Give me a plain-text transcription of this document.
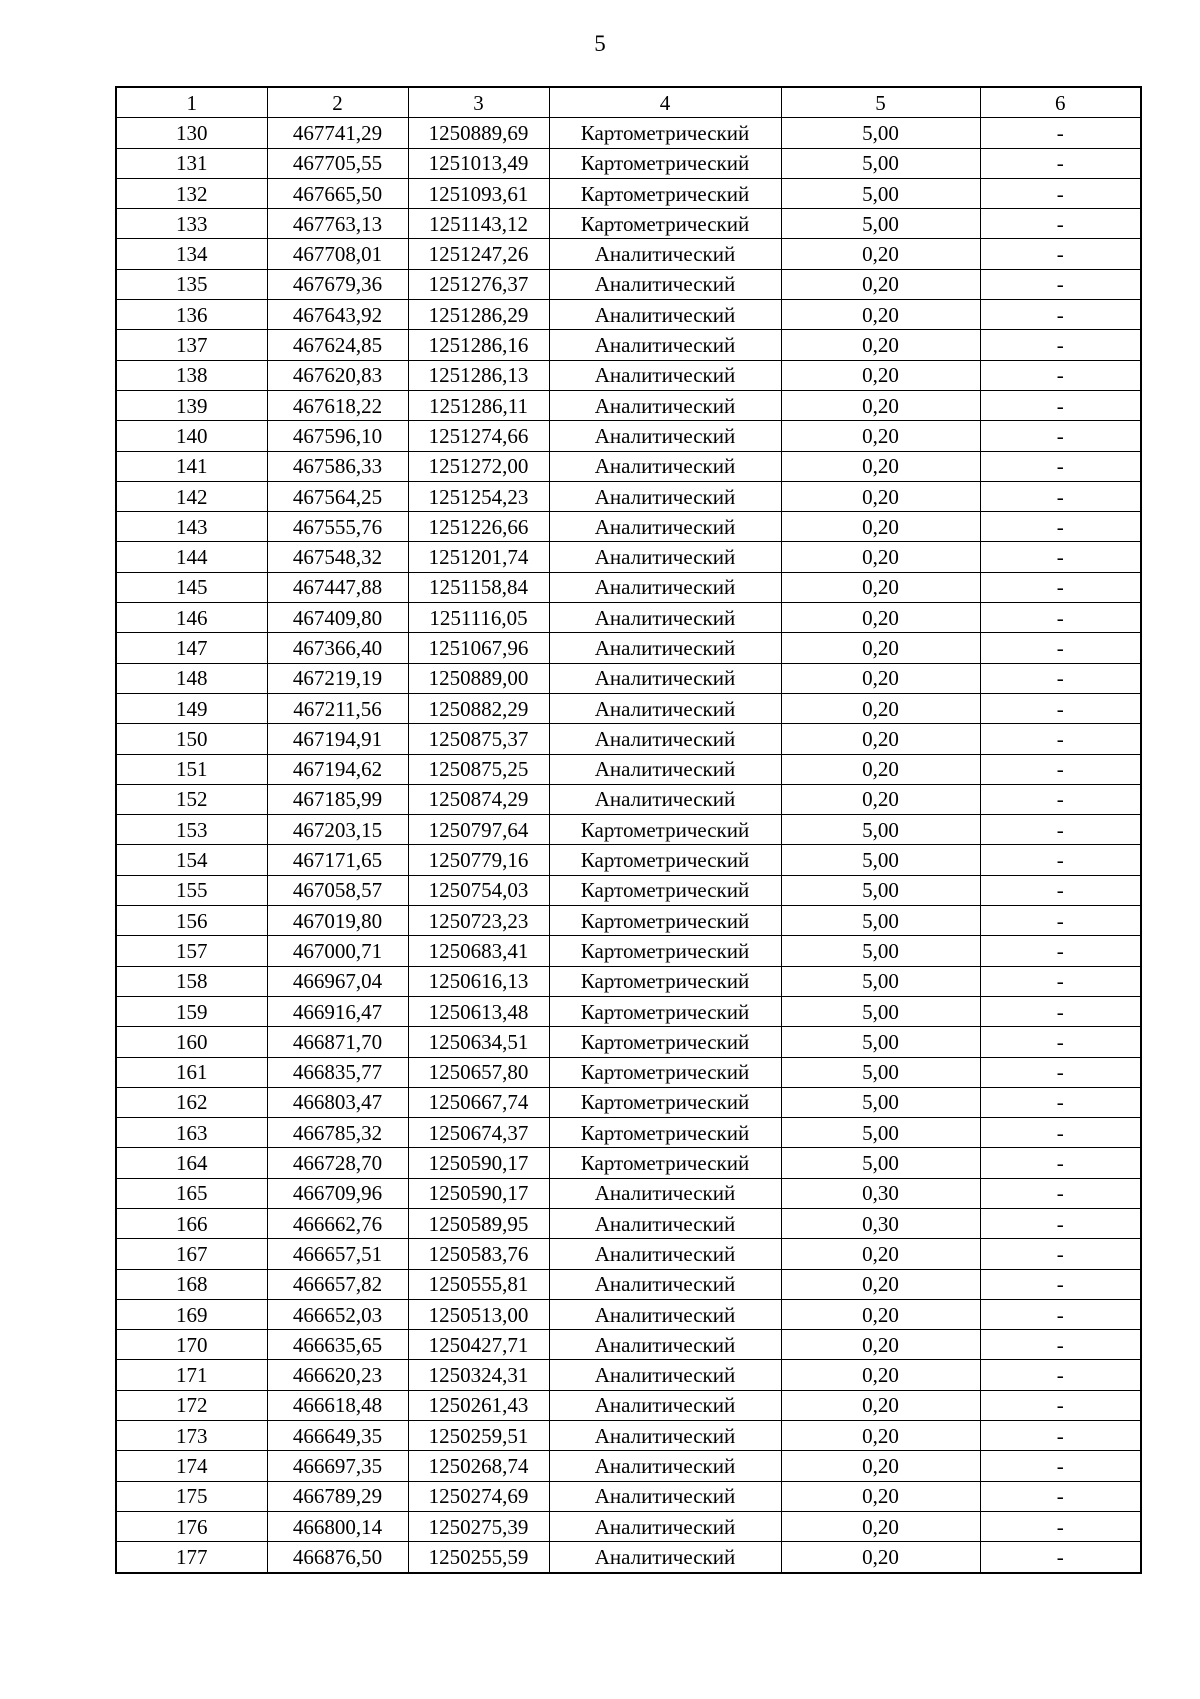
5
1	2	3	4	5	6
130	467741,29	1250889,69	Картометрический	5,00	-
131	467705,55	1251013,49	Картометрический	5,00	-
132	467665,50	1251093,61	Картометрический	5,00	-
133	467763,13	1251143,12	Картометрический	5,00	-
134	467708,01	1251247,26	Аналитический	0,20	-
135	467679,36	1251276,37	Аналитический	0,20	-
136	467643,92	1251286,29	Аналитический	0,20	-
137	467624,85	1251286,16	Аналитический	0,20	-
138	467620,83	1251286,13	Аналитический	0,20	-
139	467618,22	1251286,11	Аналитический	0,20	-
140	467596,10	1251274,66	Аналитический	0,20	-
141	467586,33	1251272,00	Аналитический	0,20	-
142	467564,25	1251254,23	Аналитический	0,20	-
143	467555,76	1251226,66	Аналитический	0,20	-
144	467548,32	1251201,74	Аналитический	0,20	-
145	467447,88	1251158,84	Аналитический	0,20	-
146	467409,80	1251116,05	Аналитический	0,20	-
147	467366,40	1251067,96	Аналитический	0,20	-
148	467219,19	1250889,00	Аналитический	0,20	-
149	467211,56	1250882,29	Аналитический	0,20	-
150	467194,91	1250875,37	Аналитический	0,20	-
151	467194,62	1250875,25	Аналитический	0,20	-
152	467185,99	1250874,29	Аналитический	0,20	-
153	467203,15	1250797,64	Картометрический	5,00	-
154	467171,65	1250779,16	Картометрический	5,00	-
155	467058,57	1250754,03	Картометрический	5,00	-
156	467019,80	1250723,23	Картометрический	5,00	-
157	467000,71	1250683,41	Картометрический	5,00	-
158	466967,04	1250616,13	Картометрический	5,00	-
159	466916,47	1250613,48	Картометрический	5,00	-
160	466871,70	1250634,51	Картометрический	5,00	-
161	466835,77	1250657,80	Картометрический	5,00	-
162	466803,47	1250667,74	Картометрический	5,00	-
163	466785,32	1250674,37	Картометрический	5,00	-
164	466728,70	1250590,17	Картометрический	5,00	-
165	466709,96	1250590,17	Аналитический	0,30	-
166	466662,76	1250589,95	Аналитический	0,30	-
167	466657,51	1250583,76	Аналитический	0,20	-
168	466657,82	1250555,81	Аналитический	0,20	-
169	466652,03	1250513,00	Аналитический	0,20	-
170	466635,65	1250427,71	Аналитический	0,20	-
171	466620,23	1250324,31	Аналитический	0,20	-
172	466618,48	1250261,43	Аналитический	0,20	-
173	466649,35	1250259,51	Аналитический	0,20	-
174	466697,35	1250268,74	Аналитический	0,20	-
175	466789,29	1250274,69	Аналитический	0,20	-
176	466800,14	1250275,39	Аналитический	0,20	-
177	466876,50	1250255,59	Аналитический	0,20	-
